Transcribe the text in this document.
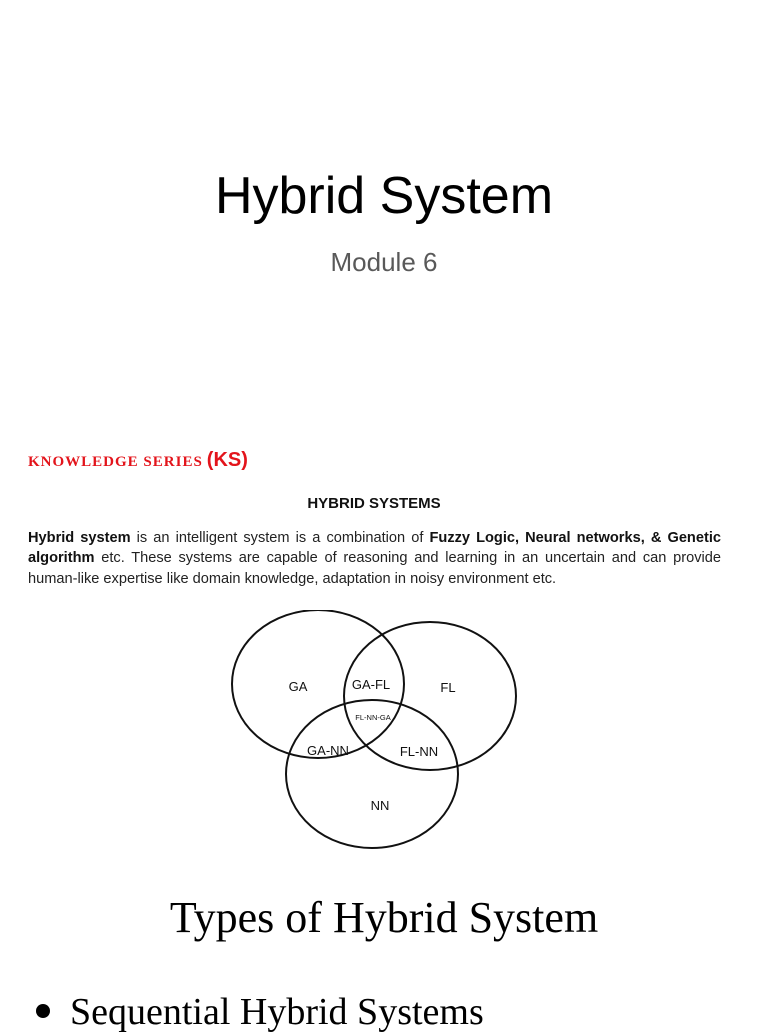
Hybrid System
Module 6
KNOWLEDGE SERIES (KS)
HYBRID SYSTEMS
Hybrid system is an intelligent system is a combination of Fuzzy Logic, Neural networks, & Genetic algorithm etc. These systems are capable of reasoning and learning in an uncertain and can provide human-like expertise like domain knowledge, adaptation in noisy environment etc.
GA	FL
NN
GA-FL
GA-NN	FL-NN
FL-NN-GA
Types of Hybrid System
Sequential Hybrid Systems
